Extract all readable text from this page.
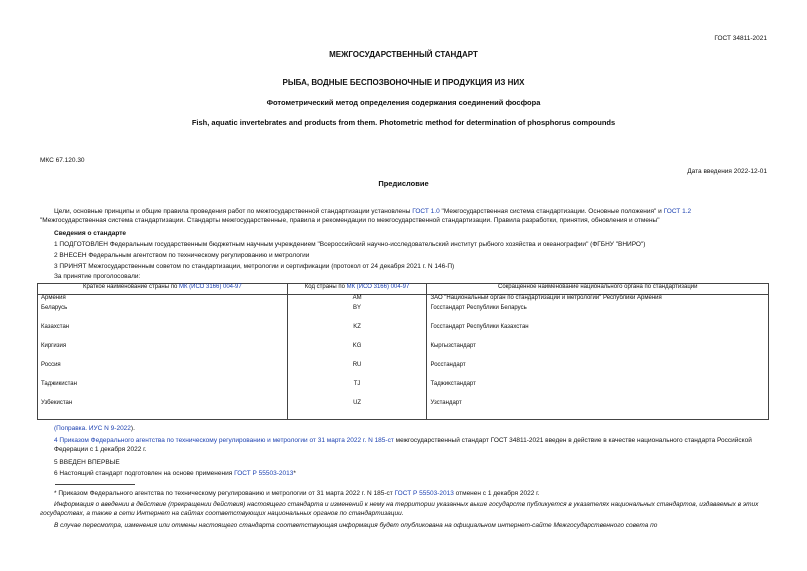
ГОСТ 34811-2021
МЕЖГОСУДАРСТВЕННЫЙ СТАНДАРТ
РЫБА, ВОДНЫЕ БЕСПОЗВОНОЧНЫЕ И ПРОДУКЦИЯ ИЗ НИХ
Фотометрический метод определения содержания соединений фосфора
Fish, aquatic invertebrates and products from them. Photometric method for determination of phosphorus compounds
МКС 67.120.30
Дата введения 2022-12-01
Предисловие
Цели, основные принципы и общие правила проведения работ по межгосударственной стандартизации установлены ГОСТ 1.0 "Межгосударственная система стандартизации. Основные положения" и ГОСТ 1.2
"Межгосударственная система стандартизации. Стандарты межгосударственные, правила и рекомендации по межгосударственной стандартизации. Правила разработки, принятия, обновления и отмены"
Сведения о стандарте
1 ПОДГОТОВЛЕН Федеральным государственным бюджетным научным учреждением "Всероссийский научно-исследовательский институт рыбного хозяйства и океанографии" (ФГБНУ "ВНИРО")
2 ВНЕСЕН Федеральным агентством по техническому регулированию и метрологии
3 ПРИНЯТ Межгосударственным советом по стандартизации, метрологии и сертификации (протокол от 24 декабря 2021 г. N 146-П)
За принятие проголосовали:
Краткое наименование страны по МК (ИСО 3166) 004-97	Код страны по МК (ИСО 3166) 004-97	Сокращенное наименование национального органа по стандартизации
Армения	AM	ЗАО "Национальный орган по стандартизации и метрологии" Республики Армения
Беларусь	BY	Госстандарт Республики Беларусь
Казахстан	KZ	Госстандарт Республики Казахстан
Киргизия	KG	Кыргызстандарт
Россия	RU	Росстандарт
Таджикистан	TJ	Таджикстандарт
Узбекистан	UZ	Узстандарт
(Поправка. ИУС N 9-2022).
4 Приказом Федерального агентства по техническому регулированию и метрологии от 31 марта 2022 г. N 185-ст межгосударственный стандарт ГОСТ 34811-2021 введен в действие в качестве национального стандарта Российской Федерации с 1 декабря 2022 г.
5 ВВЕДЕН ВПЕРВЫЕ
6 Настоящий стандарт подготовлен на основе применения ГОСТ Р 55503-2013*
* Приказом Федерального агентства по техническому регулированию и метрологии от 31 марта 2022 г. N 185-ст ГОСТ Р 55503-2013 отменен с 1 декабря 2022 г.
Информация о введении в действие (прекращении действия) настоящего стандарта и изменений к нему на территории указанных выше государств публикуется в указателях национальных стандартов, издаваемых в этих государствах, а также в сети Интернет на сайтах соответствующих национальных органов по стандартизации.
В случае пересмотра, изменения или отмены настоящего стандарта соответствующая информация будет опубликована на официальном интернет-сайте Межгосударственного совета по
